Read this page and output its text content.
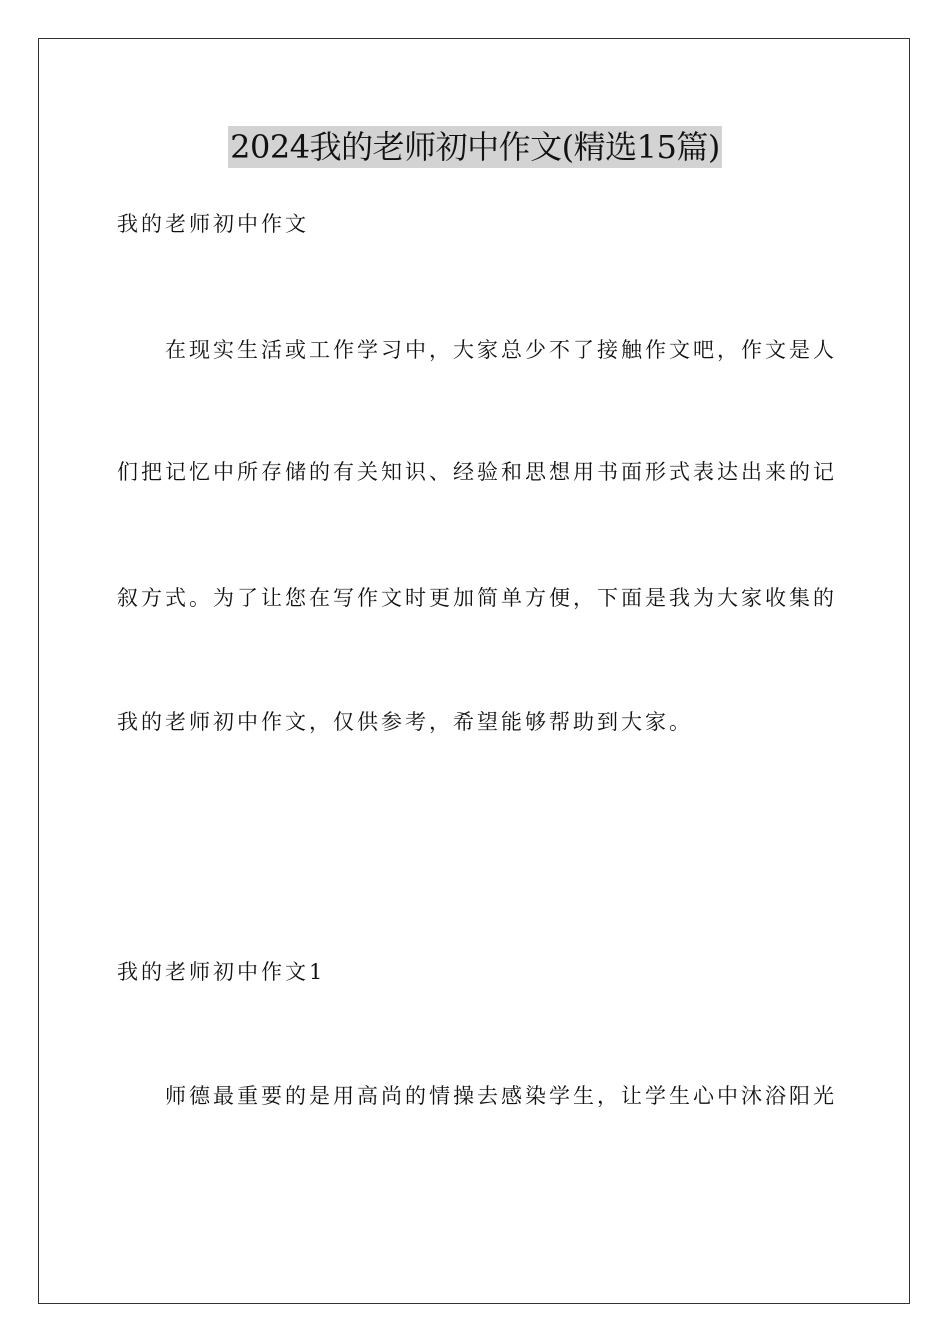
2024我的老师初中作文(精选15篇)
我的老师初中作文
在现实生活或工作学习中，大家总少不了接触作文吧，作文是人
们把记忆中所存储的有关知识、经验和思想用书面形式表达出来的记
叙方式。为了让您在写作文时更加简单方便，下面是我为大家收集的
我的老师初中作文，仅供参考，希望能够帮助到大家。
我的老师初中作文1
师德最重要的是用高尚的情操去感染学生，让学生心中沐浴阳光
